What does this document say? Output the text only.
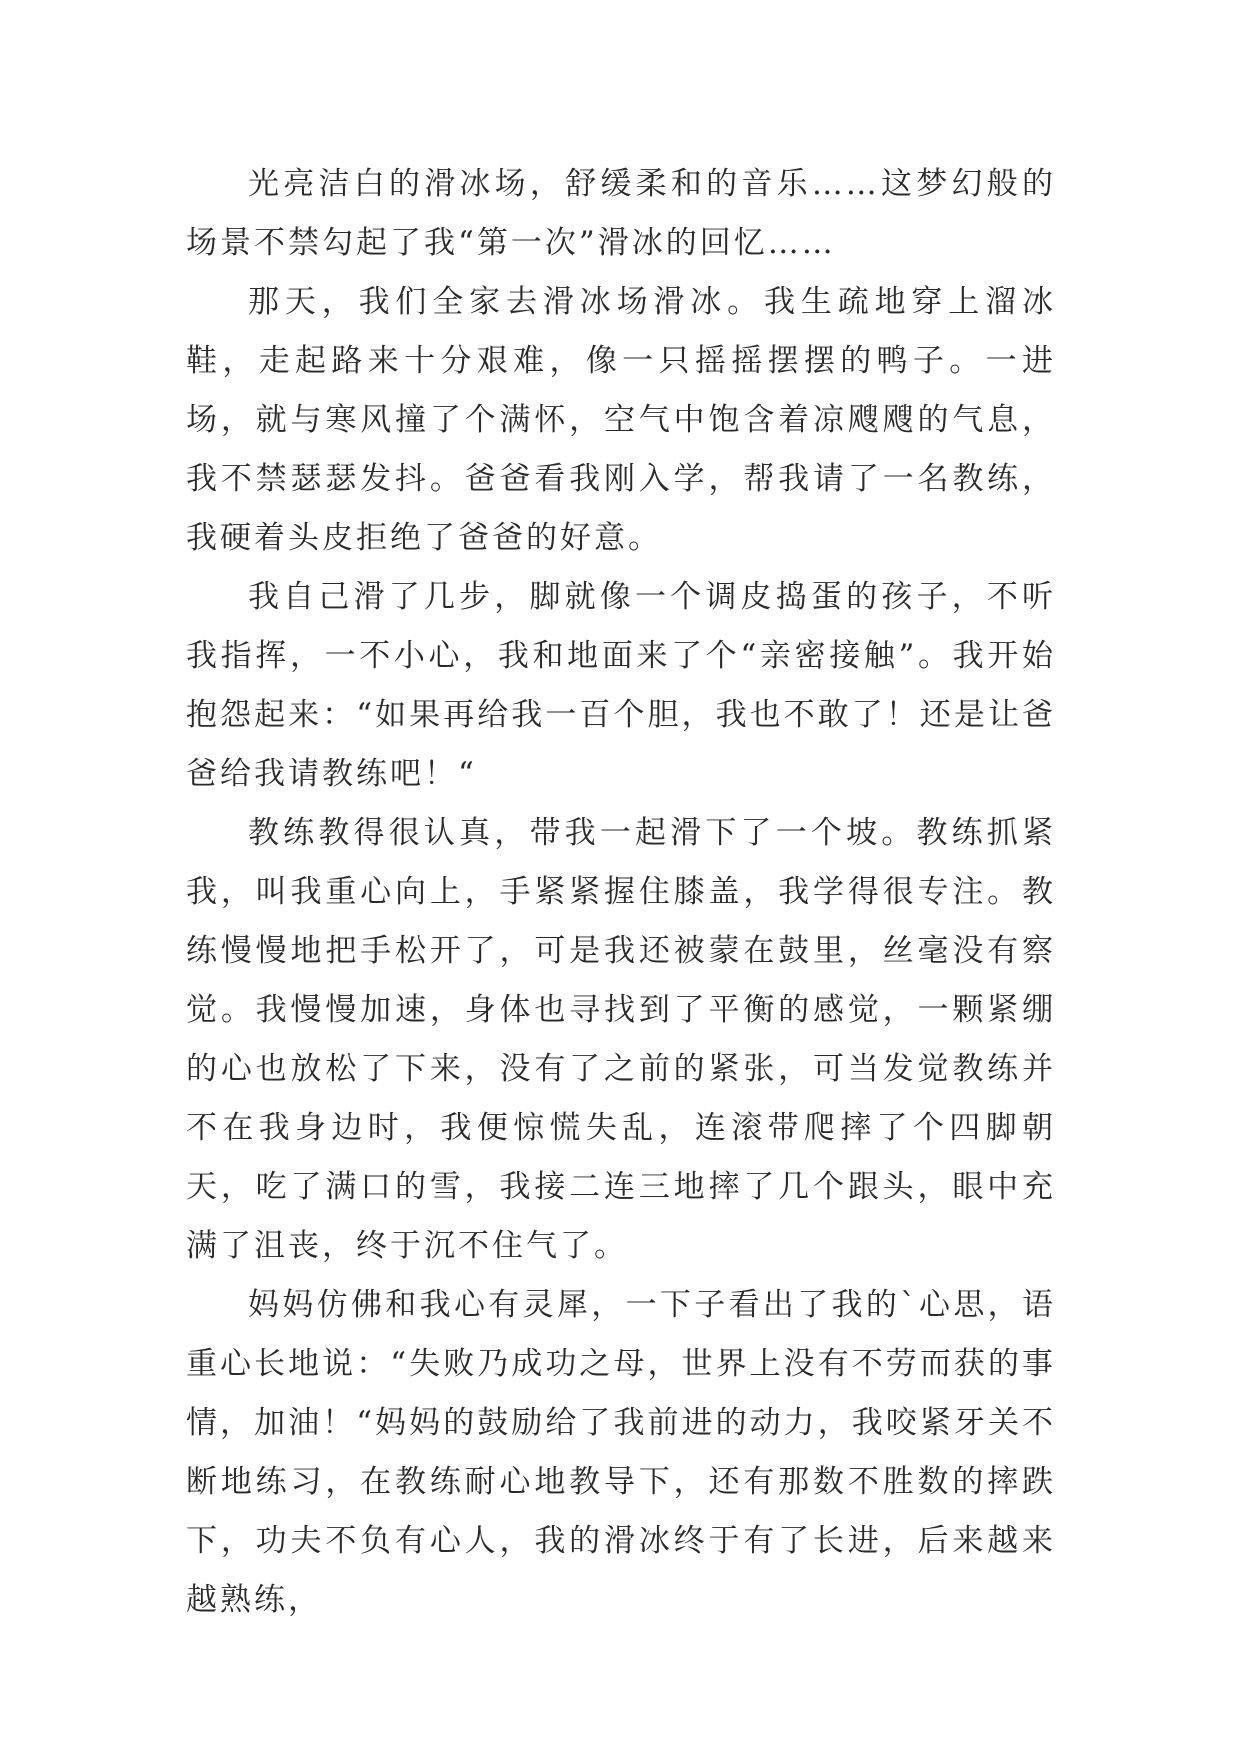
光亮洁白的滑冰场，舒缓柔和的音乐……这梦幻般的场景不禁勾起了我“第一次”滑冰的回忆……

那天，我们全家去滑冰场滑冰。我生疏地穿上溜冰鞋，走起路来十分艰难，像一只摇摇摆摆的鸭子。一进场，就与寒风撞了个满怀，空气中饱含着凉飕飕的气息，我不禁瑟瑟发抖。爸爸看我刚入学，帮我请了一名教练，我硬着头皮拒绝了爸爸的好意。

我自己滑了几步，脚就像一个调皮捣蛋的孩子，不听我指挥，一不小心，我和地面来了个“亲密接触”。我开始抱怨起来：“如果再给我一百个胆，我也不敢了！还是让爸爸给我请教练吧！“

教练教得很认真，带我一起滑下了一个坡。教练抓紧我，叫我重心向上，手紧紧握住膝盖，我学得很专注。教练慢慢地把手松开了，可是我还被蒙在鼓里，丝毫没有察觉。我慢慢加速，身体也寻找到了平衡的感觉，一颗紧绷的心也放松了下来，没有了之前的紧张，可当发觉教练并不在我身边时，我便惊慌失乱，连滚带爬摔了个四脚朝天，吃了满口的雪，我接二连三地摔了几个跟头，眼中充满了沮丧，终于沉不住气了。

妈妈仿佛和我心有灵犀，一下子看出了我的`心思，语重心长地说：“失败乃成功之母，世界上没有不劳而获的事情，加油！“妈妈的鼓励给了我前进的动力，我咬紧牙关不断地练习，在教练耐心地教导下，还有那数不胜数的摔跌下，功夫不负有心人，我的滑冰终于有了长进，后来越来越熟练，
